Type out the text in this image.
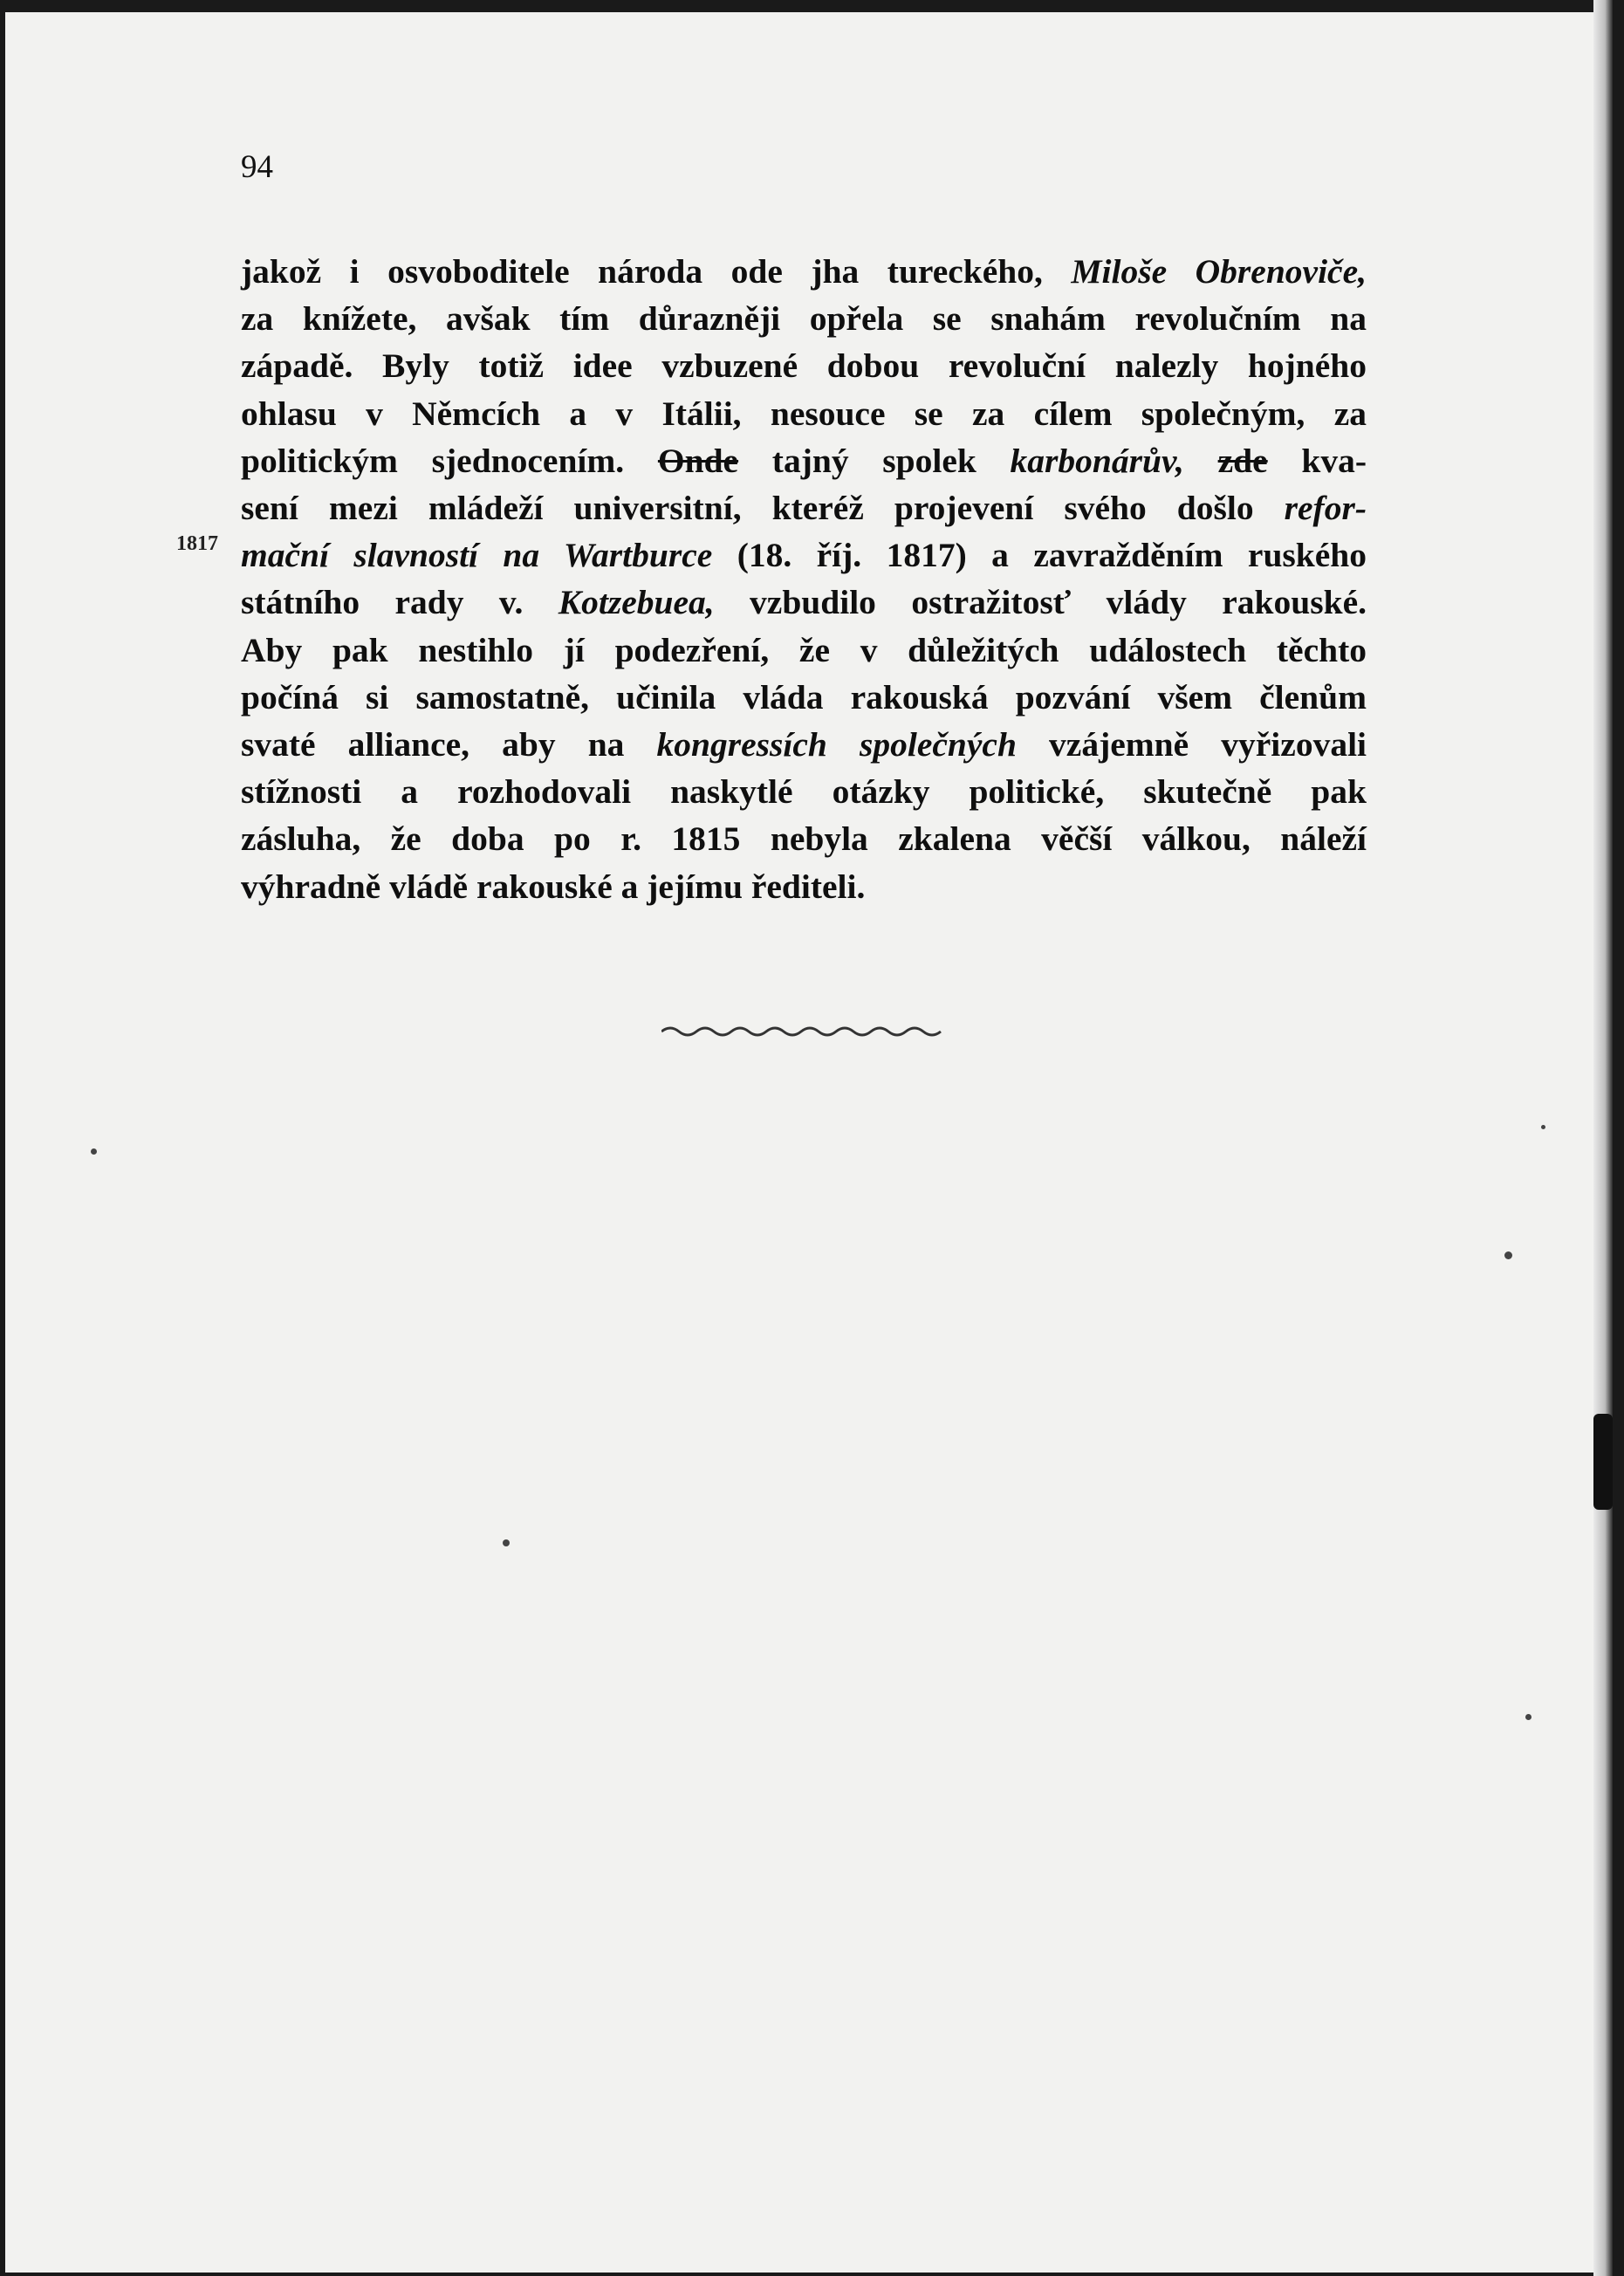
94
1817
jakož i osvoboditele národa ode jha tureckého, Miloše Obrenoviče,
za knížete, avšak tím důrazněji opřela se snahám revolučním na
západě. Byly totiž idee vzbuzené dobou revoluční nalezly hojného
ohlasu v Němcích a v Itálii, nesouce se za cílem společným, za
politickým sjednocením. Onde tajný spolek karbonárův, zde kva-
sení mezi mládeží universitní, kteréž projevení svého došlo refor-
mační slavností na Wartburce (18. říj. 1817) a zavražděním ruského
státního rady v. Kotzebuea, vzbudilo ostražitosť vlády rakouské.
Aby pak nestihlo jí podezření, že v důležitých událostech těchto
počíná si samostatně, učinila vláda rakouská pozvání všem členům
svaté alliance, aby na kongressích společných vzájemně vyřizovali
stížnosti a rozhodovali naskytlé otázky politické, skutečně pak
zásluha, že doba po r. 1815 nebyla zkalena věčší válkou, náleží
výhradně vládě rakouské a jejímu řediteli.
